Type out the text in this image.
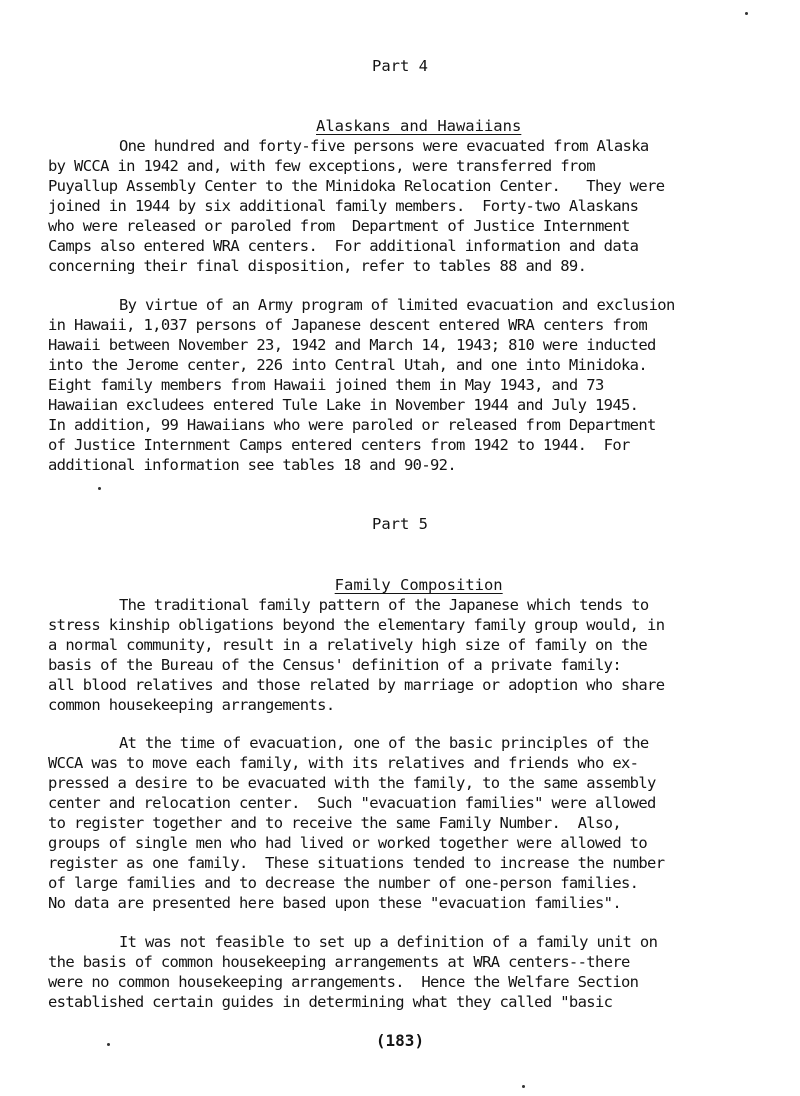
Part 4

Alaskans and Hawaiians

One hundred and forty-five persons were evacuated from Alaska
by WCCA in 1942 and, with few exceptions, were transferred from
Puyallup Assembly Center to the Minidoka Relocation Center.   They were
joined in 1944 by six additional family members.  Forty-two Alaskans
who were released or paroled from  Department of Justice Internment
Camps also entered WRA centers.  For additional information and data
concerning their final disposition, refer to tables 88 and 89.
By virtue of an Army program of limited evacuation and exclusion
in Hawaii, 1,037 persons of Japanese descent entered WRA centers from
Hawaii between November 23, 1942 and March 14, 1943; 810 were inducted
into the Jerome center, 226 into Central Utah, and one into Minidoka.
Eight family members from Hawaii joined them in May 1943, and 73
Hawaiian excludees entered Tule Lake in November 1944 and July 1945.
In addition, 99 Hawaiians who were paroled or released from Department
of Justice Internment Camps entered centers from 1942 to 1944.  For
additional information see tables 18 and 90-92.
Part 5

Family Composition

The traditional family pattern of the Japanese which tends to
stress kinship obligations beyond the elementary family group would, in
a normal community, result in a relatively high size of family on the
basis of the Bureau of the Census' definition of a private family:
all blood relatives and those related by marriage or adoption who share
common housekeeping arrangements.
At the time of evacuation, one of the basic principles of the
WCCA was to move each family, with its relatives and friends who ex-
pressed a desire to be evacuated with the family, to the same assembly
center and relocation center.  Such "evacuation families" were allowed
to register together and to receive the same Family Number.  Also,
groups of single men who had lived or worked together were allowed to
register as one family.  These situations tended to increase the number
of large families and to decrease the number of one-person families.
No data are presented here based upon these "evacuation families".
It was not feasible to set up a definition of a family unit on
the basis of common housekeeping arrangements at WRA centers--there
were no common housekeeping arrangements.  Hence the Welfare Section
established certain guides in determining what they called "basic
(183)
